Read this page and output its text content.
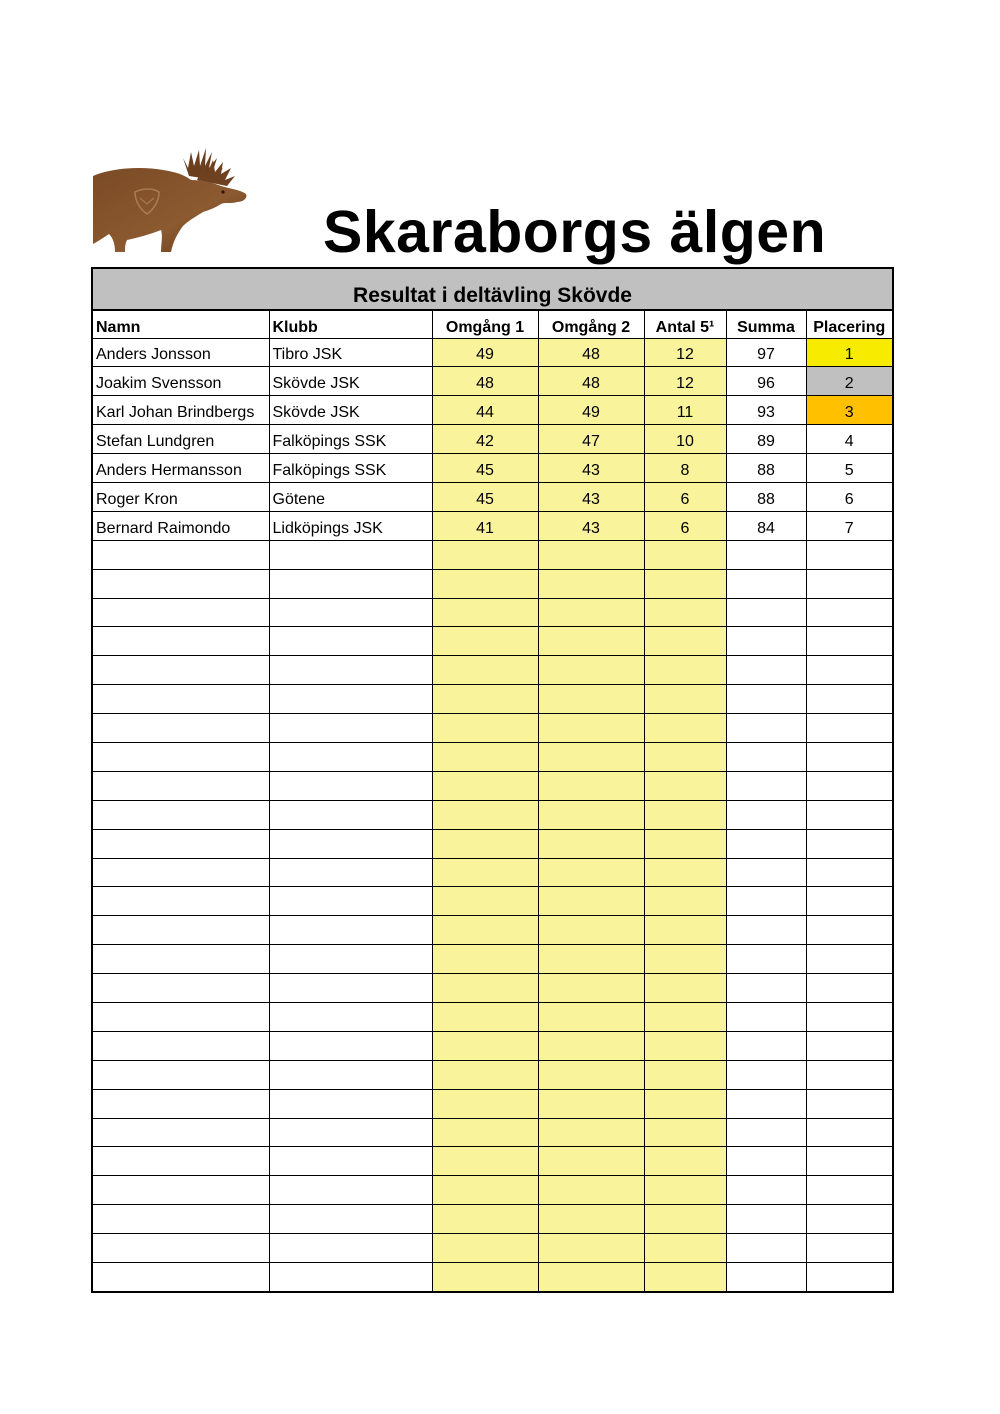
Skaraborgs älgen
Resultat i deltävling Skövde
Namn	Klubb	Omgång 1	Omgång 2	Antal 5¹	Summa	Placering
Anders Jonsson	Tibro JSK	49	48	12	97	1
Joakim Svensson	Skövde JSK	48	48	12	96	2
Karl Johan Brindbergs	Skövde JSK	44	49	11	93	3
Stefan Lundgren	Falköpings SSK	42	47	10	89	4
Anders Hermansson	Falköpings SSK	45	43	8	88	5
Roger Kron	Götene	45	43	6	88	6
Bernard Raimondo	Lidköpings JSK	41	43	6	84	7
